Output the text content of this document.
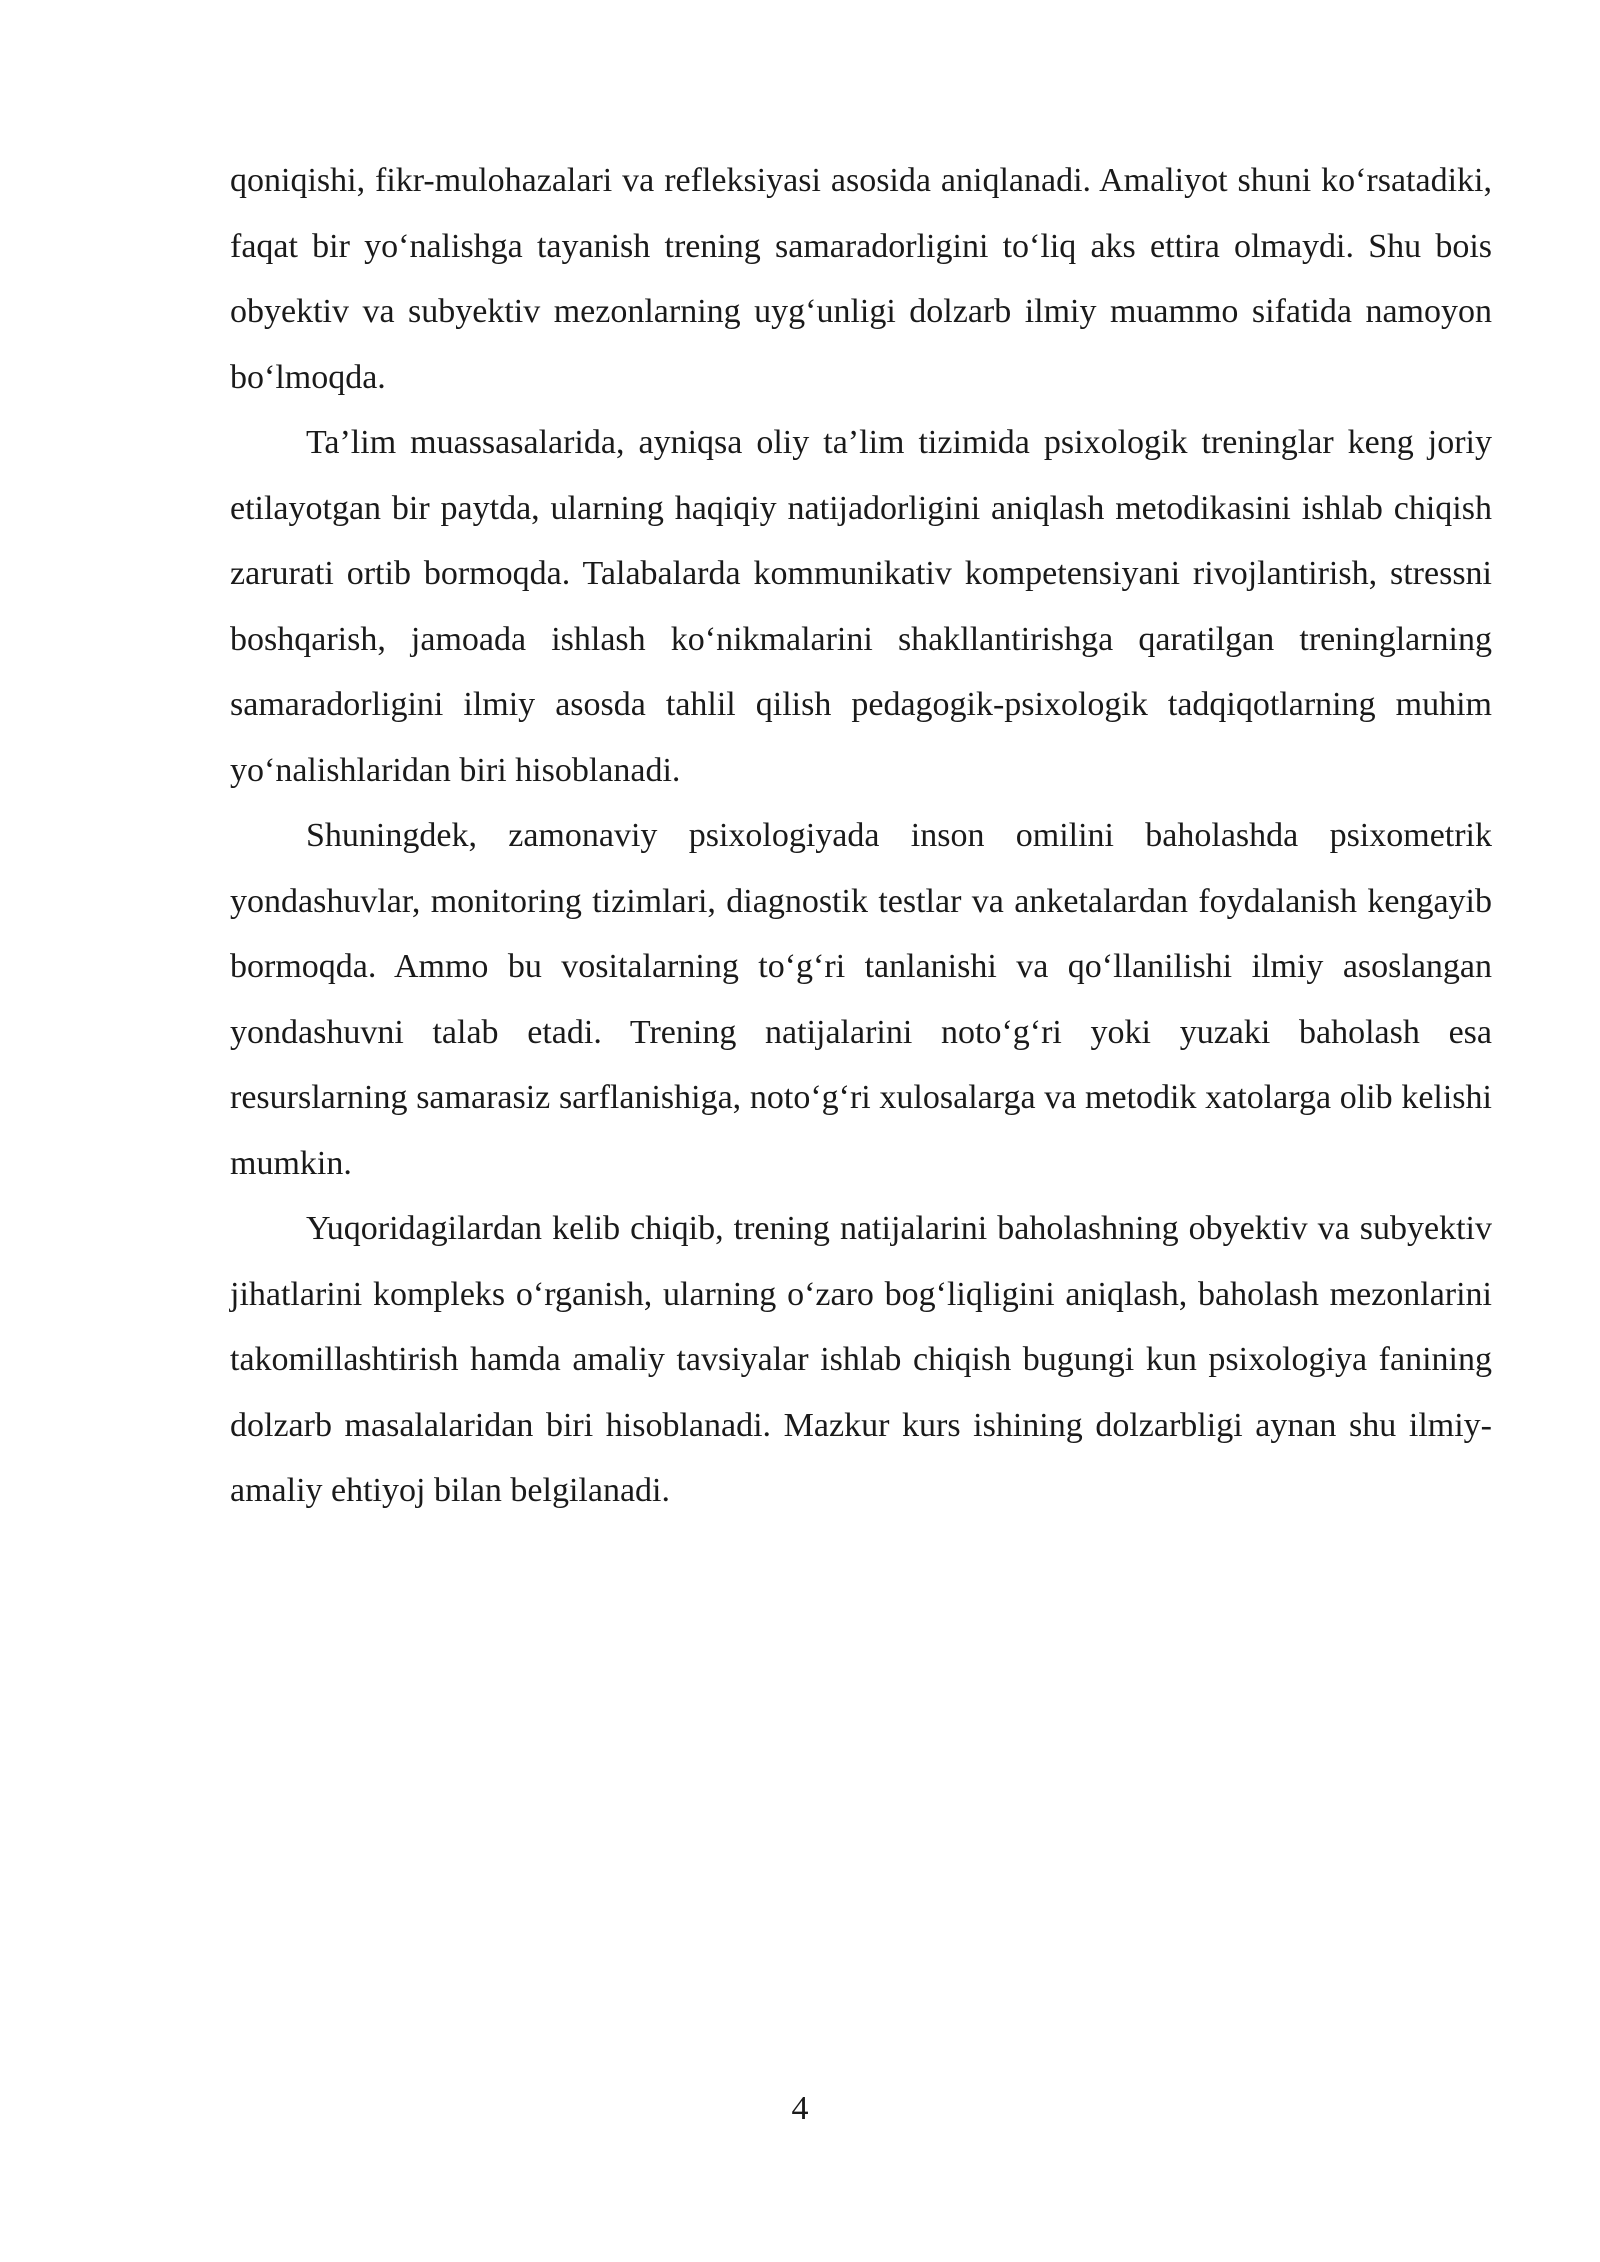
qoniqishi, fikr-mulohazalari va refleksiyasi asosida aniqlanadi. Amaliyot shuni ko‘rsatadiki, faqat bir yo‘nalishga tayanish trening samaradorligini to‘liq aks ettira olmaydi. Shu bois obyektiv va subyektiv mezonlarning uyg‘unligi dolzarb ilmiy muammo sifatida namoyon bo‘lmoqda.

Ta’lim muassasalarida, ayniqsa oliy ta’lim tizimida psixologik treninglar keng joriy etilayotgan bir paytda, ularning haqiqiy natijadorligini aniqlash metodikasini ishlab chiqish zarurati ortib bormoqda. Talabalarda kommunikativ kompetensiyani rivojlantirish, stressni boshqarish, jamoada ishlash ko‘nikmalarini shakllantirishga qaratilgan treninglarning samaradorligini ilmiy asosda tahlil qilish pedagogik-psixologik tadqiqotlarning muhim yo‘nalishlaridan biri hisoblanadi.

Shuningdek, zamonaviy psixologiyada inson omilini baholashda psixometrik yondashuvlar, monitoring tizimlari, diagnostik testlar va anketalardan foydalanish kengayib bormoqda. Ammo bu vositalarning to‘g‘ri tanlanishi va qo‘llanilishi ilmiy asoslangan yondashuvni talab etadi. Trening natijalarini noto‘g‘ri yoki yuzaki baholash esa resurslarning samarasiz sarflanishiga, noto‘g‘ri xulosalarga va metodik xatolarga olib kelishi mumkin.

Yuqoridagilardan kelib chiqib, trening natijalarini baholashning obyektiv va subyektiv jihatlarini kompleks o‘rganish, ularning o‘zaro bog‘liqligini aniqlash, baholash mezonlarini takomillashtirish hamda amaliy tavsiyalar ishlab chiqish bugungi kun psixologiya fanining dolzarb masalalaridan biri hisoblanadi. Mazkur kurs ishining dolzarbligi aynan shu ilmiy-amaliy ehtiyoj bilan belgilanadi.

4
